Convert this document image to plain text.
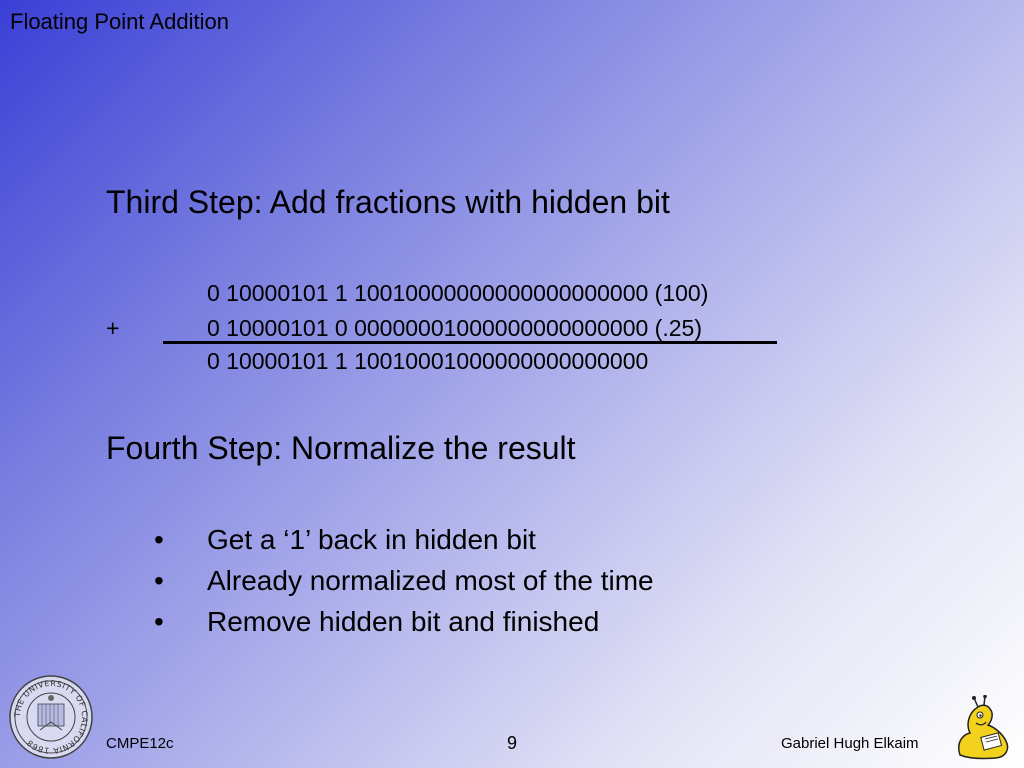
Floating Point Addition
Third Step: Add fractions with hidden bit
0 10000101 1 10010000000000000000000 (100)
+	0 10000101 0 00000001000000000000000 (.25)
0 10000101 1 10010001000000000000000
Fourth Step: Normalize the result
• Get a ‘1’ back in hidden bit
• Already normalized most of the time
• Remove hidden bit and finished
THE UNIVERSITY OF CALIFORNIA 1868	CMPE12c	9	Gabriel Hugh Elkaim
